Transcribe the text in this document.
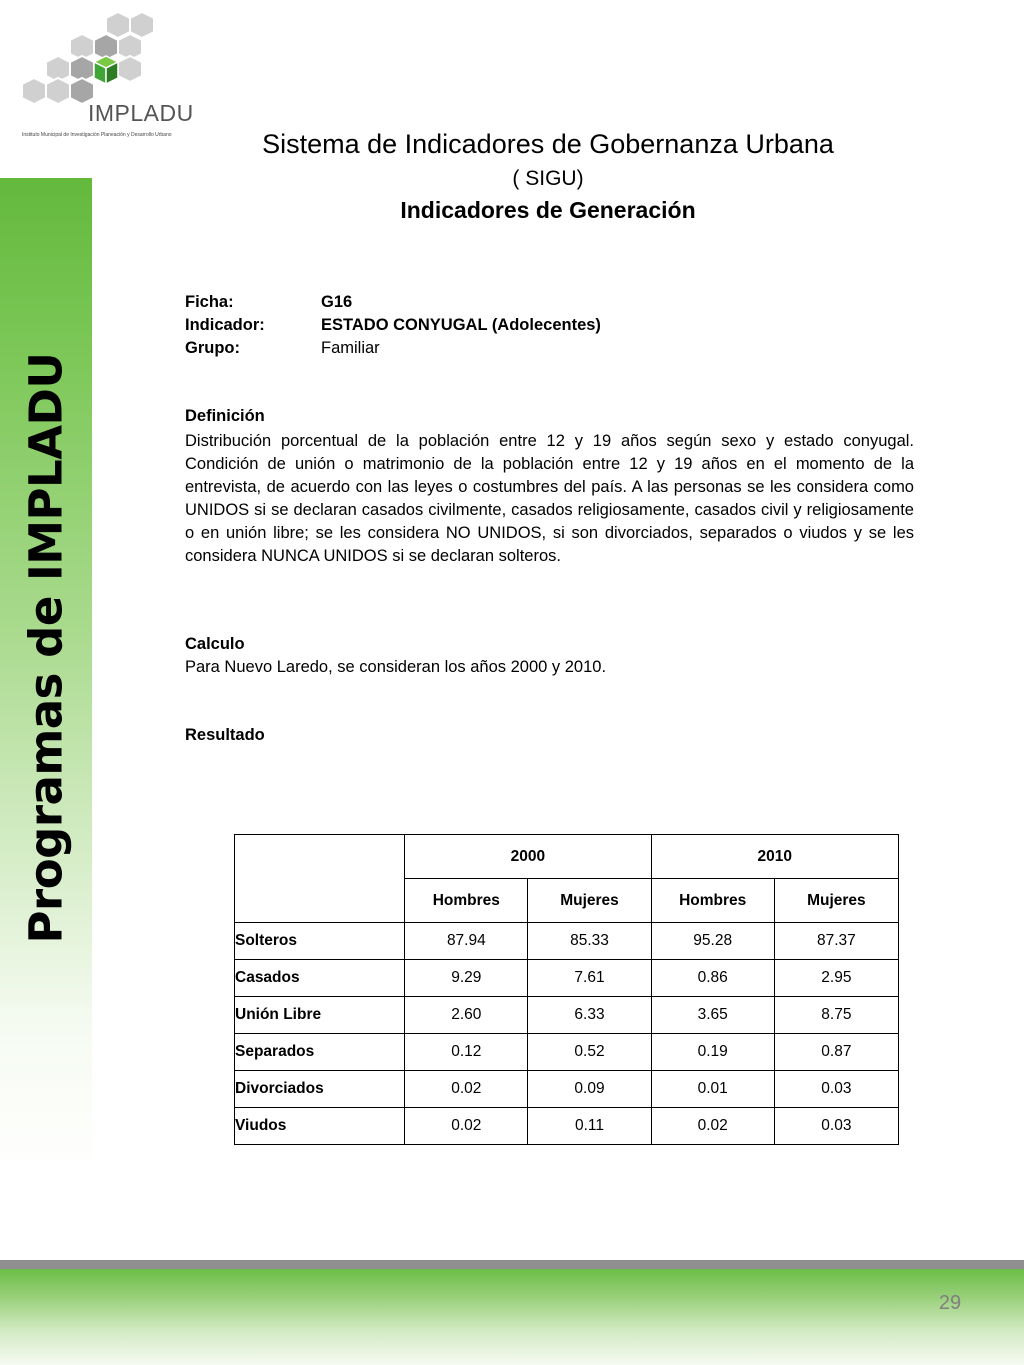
IMPLADU
Instituto Municipal de Investigación Planeación y Desarrollo Urbano
Programas de IMPLADU
Sistema de Indicadores de Gobernanza Urbana
( SIGU)
Indicadores de Generación
Ficha:	G16
Indicador:	ESTADO CONYUGAL (Adolecentes)
Grupo:	Familiar
Definición

Distribución porcentual de la población entre 12 y 19 años según sexo y estado conyugal. Condición de unión o matrimonio de la población entre 12 y 19 años en el momento de la entrevista, de acuerdo con las leyes o costumbres del país. A las personas se les considera como UNIDOS si se declaran casados civilmente, casados religiosamente, casados civil y religiosamente o en unión libre; se les considera NO UNIDOS, si son divorciados, separados o viudos y se les considera NUNCA UNIDOS si se declaran solteros.

Calculo

Para Nuevo Laredo, se consideran los años 2000 y 2010.

Resultado
	2000		2010	
	Hombres	Mujeres	Hombres	Mujeres
Solteros	87.94	85.33	95.28	87.37
Casados	9.29	7.61	0.86	2.95
Unión Libre	2.60	6.33	3.65	8.75
Separados	0.12	0.52	0.19	0.87
Divorciados	0.02	0.09	0.01	0.03
Viudos	0.02	0.11	0.02	0.03
29
